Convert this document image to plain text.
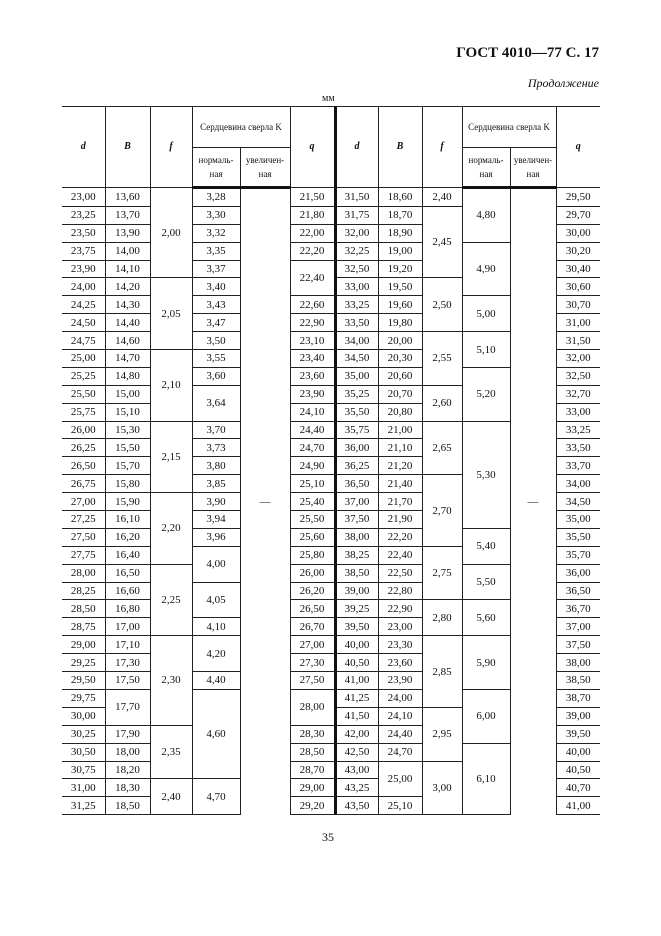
ГОСТ 4010—77 С. 17
Продолжение
мм
d	B	f	Сердцевина сверла K		q	d	B	f	Сердцевина сверла K		q
			нормаль-ная	увеличен-ная					нормаль-ная	увеличен-ная	
23,00	13,60	2,00	3,28	—	21,50	31,50	18,60	2,40	4,80	—	29,50
23,25	13,70		3,30		21,80	31,75	18,70	2,45			29,70
23,50	13,90		3,32		22,00	32,00	18,90				30,00
23,75	14,00		3,35		22,20	32,25	19,00		4,90		30,20
23,90	14,10		3,37		22,40	32,50	19,20				30,40
24,00	14,20	2,05	3,40			33,00	19,50	2,50			30,60
24,25	14,30		3,43		22,60	33,25	19,60		5,00		30,70
24,50	14,40		3,47		22,90	33,50	19,80				31,00
24,75	14,60		3,50		23,10	34,00	20,00	2,55	5,10		31,50
25,00	14,70	2,10	3,55		23,40	34,50	20,30				32,00
25,25	14,80		3,60		23,60	35,00	20,60		5,20		32,50
25,50	15,00		3,64		23,90	35,25	20,70	2,60			32,70
25,75	15,10				24,10	35,50	20,80				33,00
26,00	15,30	2,15	3,70		24,40	35,75	21,00	2,65	5,30		33,25
26,25	15,50		3,73		24,70	36,00	21,10				33,50
26,50	15,70		3,80		24,90	36,25	21,20				33,70
26,75	15,80		3,85		25,10	36,50	21,40	2,70			34,00
27,00	15,90	2,20	3,90		25,40	37,00	21,70				34,50
27,25	16,10		3,94		25,50	37,50	21,90				35,00
27,50	16,20		3,96		25,60	38,00	22,20		5,40		35,50
27,75	16,40		4,00		25,80	38,25	22,40	2,75			35,70
28,00	16,50	2,25			26,00	38,50	22,50		5,50		36,00
28,25	16,60		4,05		26,20	39,00	22,80				36,50
28,50	16,80				26,50	39,25	22,90	2,80	5,60		36,70
28,75	17,00		4,10		26,70	39,50	23,00				37,00
29,00	17,10	2,30	4,20		27,00	40,00	23,30	2,85	5,90		37,50
29,25	17,30				27,30	40,50	23,60				38,00
29,50	17,50		4,40		27,50	41,00	23,90				38,50
29,75	17,70		4,60		28,00	41,25	24,00		6,00		38,70
30,00						41,50	24,10	2,95			39,00
30,25	17,90	2,35			28,30	42,00	24,40				39,50
30,50	18,00				28,50	42,50	24,70		6,10		40,00
30,75	18,20				28,70	43,00	25,00	3,00			40,50
31,00	18,30	2,40	4,70		29,00	43,25					40,70
31,25	18,50				29,20	43,50	25,10				41,00
35
